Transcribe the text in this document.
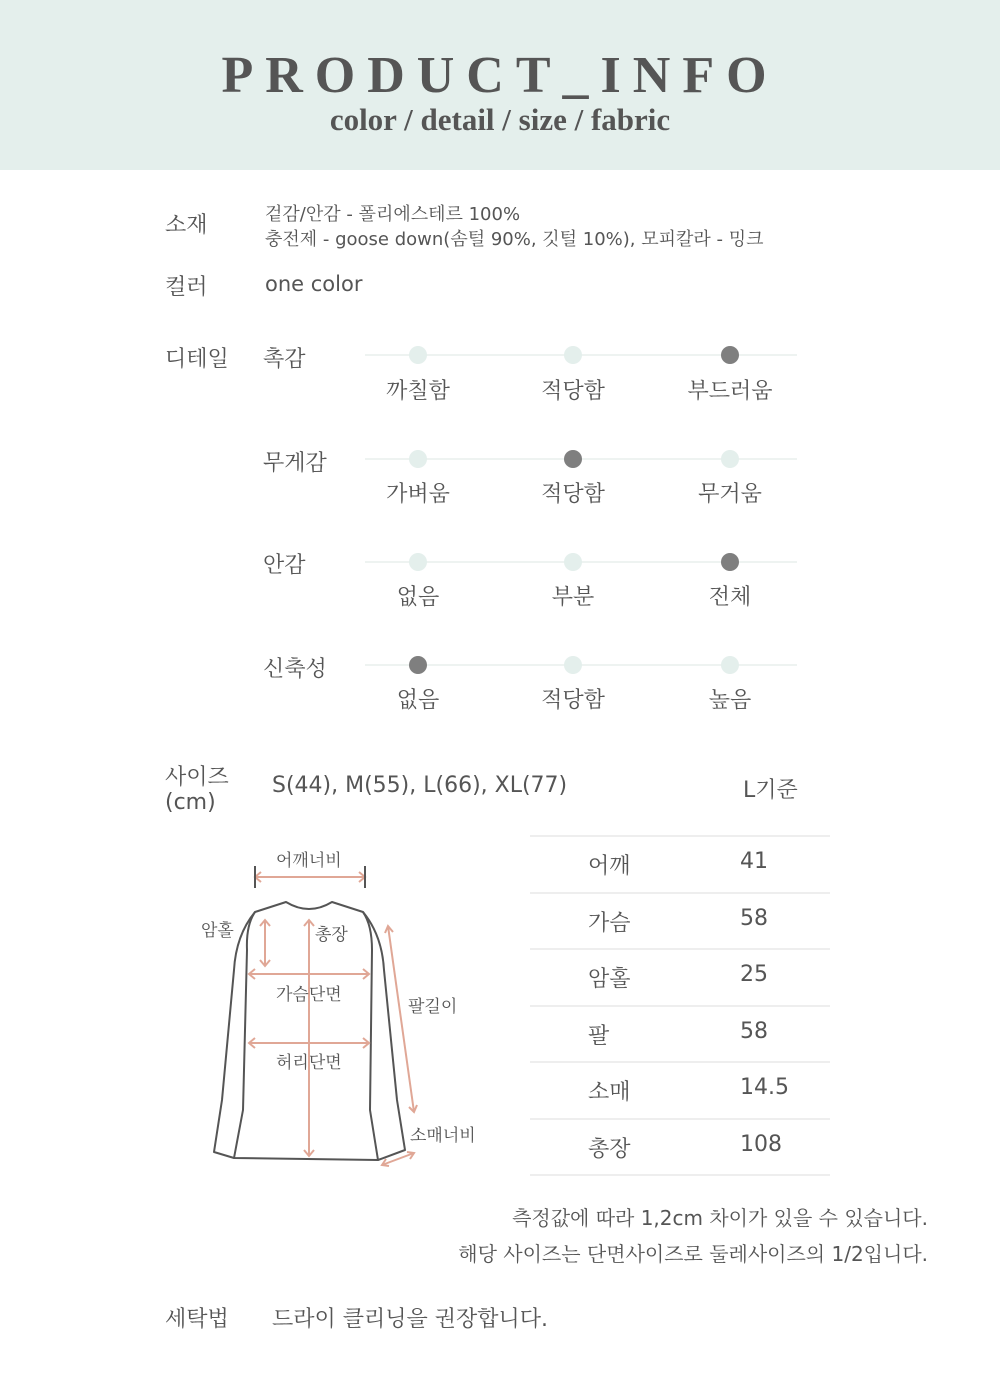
PRODUCT_INFO
color / detail / size / fabric
소재	겉감/안감 - 폴리에스테르 100%
충전제 - goose down(솜털 90%, 깃털 10%), 모피칼라 - 밍크
컬러	one color
디테일 촉감
까칠함	적당함	부드러움
무게감
가벼움	적당함	무거움
안감
없음	부분	전체
신축성
없음	적당함	높음
사이즈
(cm)
S(44), M(55), L(66), XL(77)	L기준
어깨너비
암홀	총장
가슴단면
팔길이
허리단면
소매너비
어깨	41
가슴	58
암홀	25
팔	58
소매	14.5
총장	108
측정값에 따라 1,2cm 차이가 있을 수 있습니다.
해당 사이즈는 단면사이즈로 둘레사이즈의 1/2입니다.
세탁법 드라이 클리닝을 권장합니다.
